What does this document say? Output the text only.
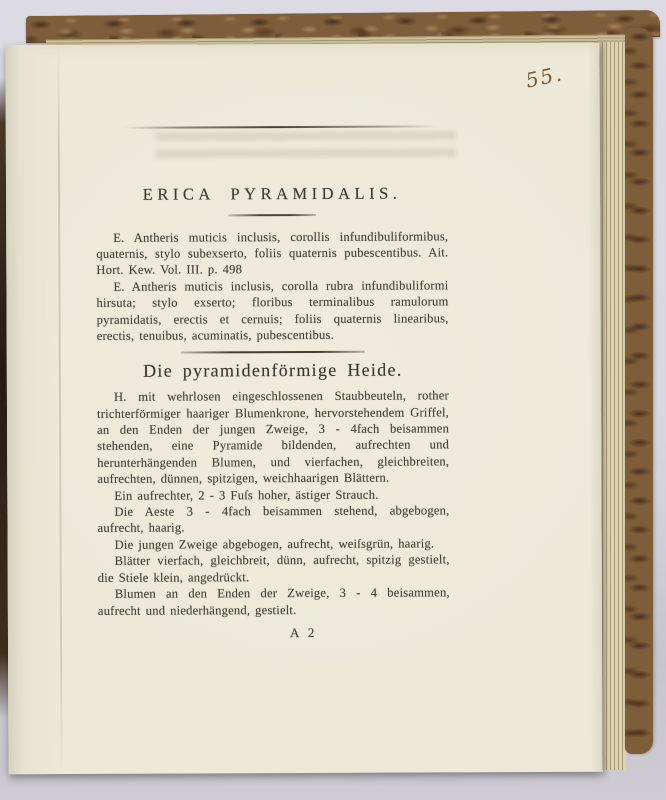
55.
ERICA PYRAMIDALIS.

E. Antheris muticis inclusis, corollis infundibuliformibus, quaternis, stylo subexserto, foliis quaternis pubescentibus. Ait. Hort. Kew. Vol. III. p. 498

E. Antheris muticis inclusis, corolla rubra infundibuliformi hirsuta; stylo exserto; floribus terminalibus ramulorum pyramidatis, erectis et cernuis; foliis quaternis linearibus, erectis, tenuibus, acuminatis, pubescentibus.

Die pyramidenförmige Heide.

H. mit wehrlosen eingeschlossenen Staubbeuteln, rother trichterförmiger haariger Blumenkrone, hervorstehendem Griffel, an den Enden der jungen Zweige, 3 - 4fach beisammen stehenden, eine Pyramide bildenden, aufrechten und herunterhängenden Blumen, und vierfachen, gleichbreiten, aufrechten, dünnen, spitzigen, weichhaarigen Blättern.

Ein aufrechter, 2 - 3 Fuſs hoher, ästiger Strauch.

Die Aeste 3 - 4fach beisammen stehend, abgebogen, aufrecht, haarig.

Die jungen Zweige abgebogen, aufrecht, weiſsgrün, haarig.

Blätter vierfach, gleichbreit, dünn, aufrecht, spitzig gestielt, die Stiele klein, angedrückt.

Blumen an den Enden der Zweige, 3 - 4 beisammen, aufrecht und niederhängend, gestielt.

A 2
